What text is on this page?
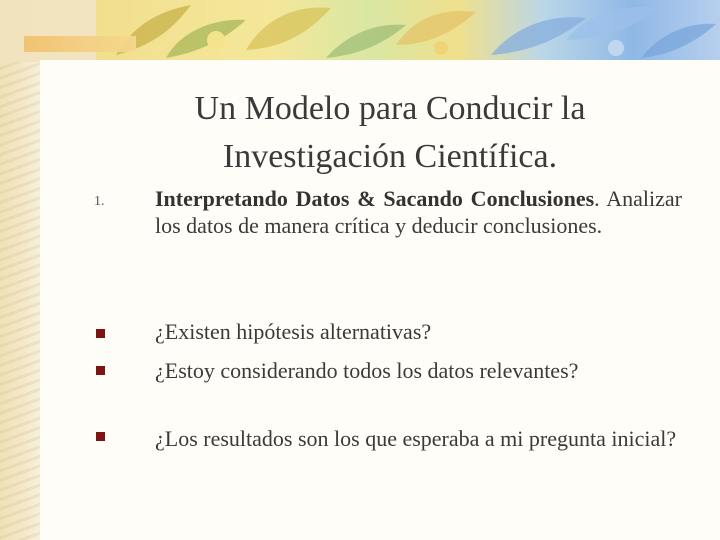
Un Modelo para Conducir la Investigación Científica.
1. Interpretando Datos & Sacando Conclusiones. Analizar los datos de manera crítica y deducir conclusiones.
¿Existen hipótesis alternativas?
¿Estoy considerando todos los datos relevantes?
¿Los resultados son los que esperaba a mi pregunta inicial?
